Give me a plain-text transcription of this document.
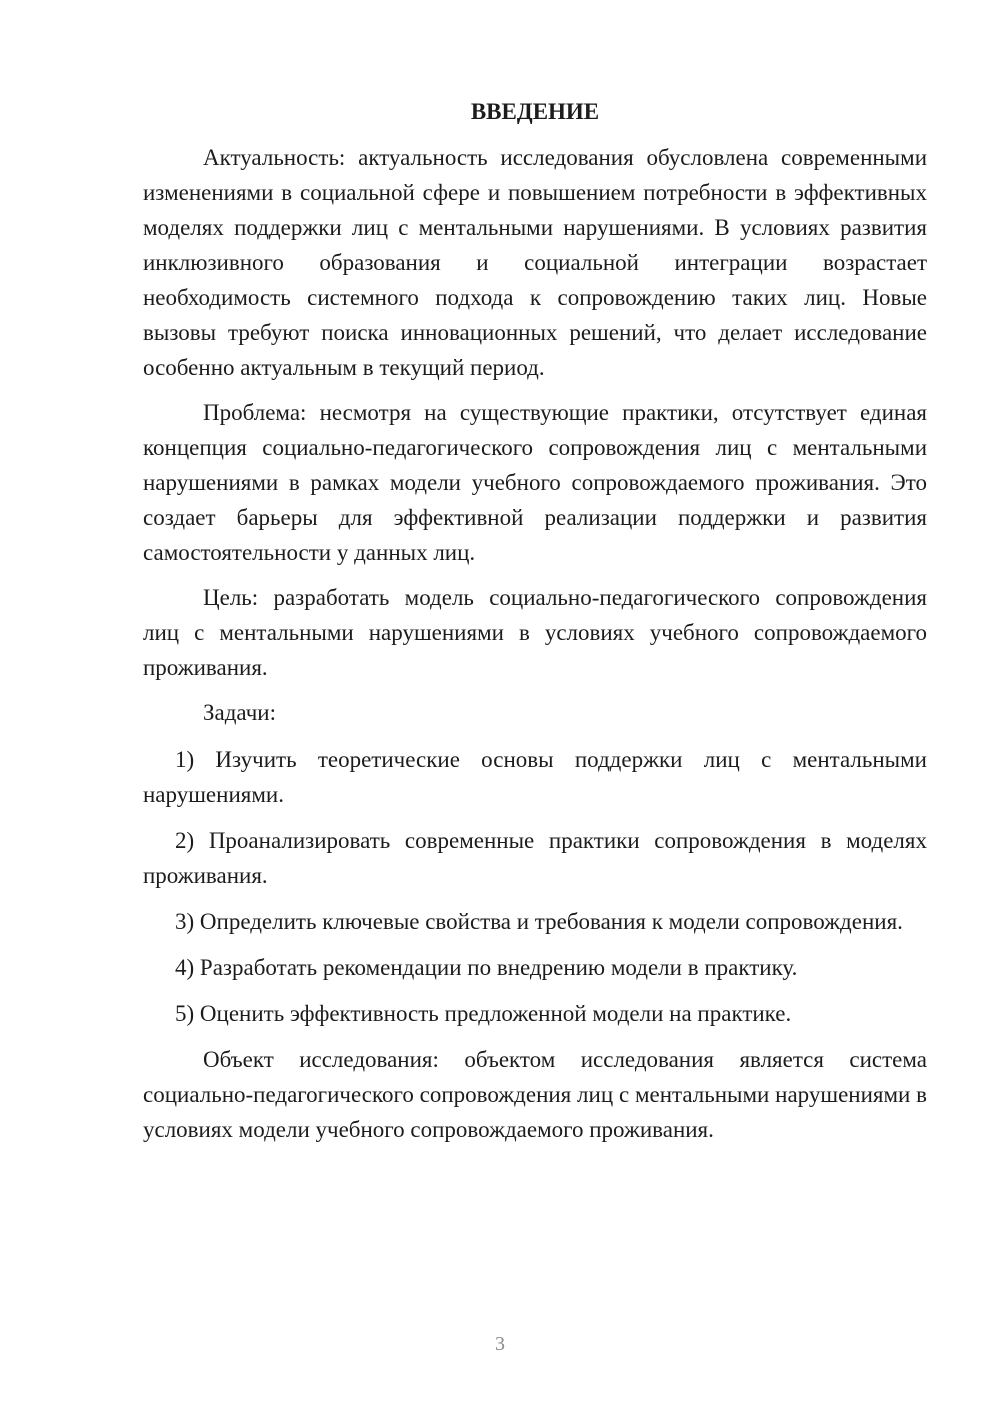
ВВЕДЕНИЕ

Актуальность: актуальность исследования обусловлена современными изменениями в социальной сфере и повышением потребности в эффективных моделях поддержки лиц с ментальными нарушениями. В условиях развития инклюзивного образования и социальной интеграции возрастает необходимость системного подхода к сопровождению таких лиц. Новые вызовы требуют поиска инновационных решений, что делает исследование особенно актуальным в текущий период.

Проблема: несмотря на существующие практики, отсутствует единая концепция социально-педагогического сопровождения лиц с ментальными нарушениями в рамках модели учебного сопровождаемого проживания. Это создает барьеры для эффективной реализации поддержки и развития самостоятельности у данных лиц.

Цель: разработать модель социально-педагогического сопровождения лиц с ментальными нарушениями в условиях учебного сопровождаемого проживания.

Задачи:

1) Изучить теоретические основы поддержки лиц с ментальными нарушениями.

2) Проанализировать современные практики сопровождения в моделях проживания.

3) Определить ключевые свойства и требования к модели сопровождения.

4) Разработать рекомендации по внедрению модели в практику.

5) Оценить эффективность предложенной модели на практике.

Объект исследования: объектом исследования является система социально-педагогического сопровождения лиц с ментальными нарушениями в условиях модели учебного сопровождаемого проживания.

3
